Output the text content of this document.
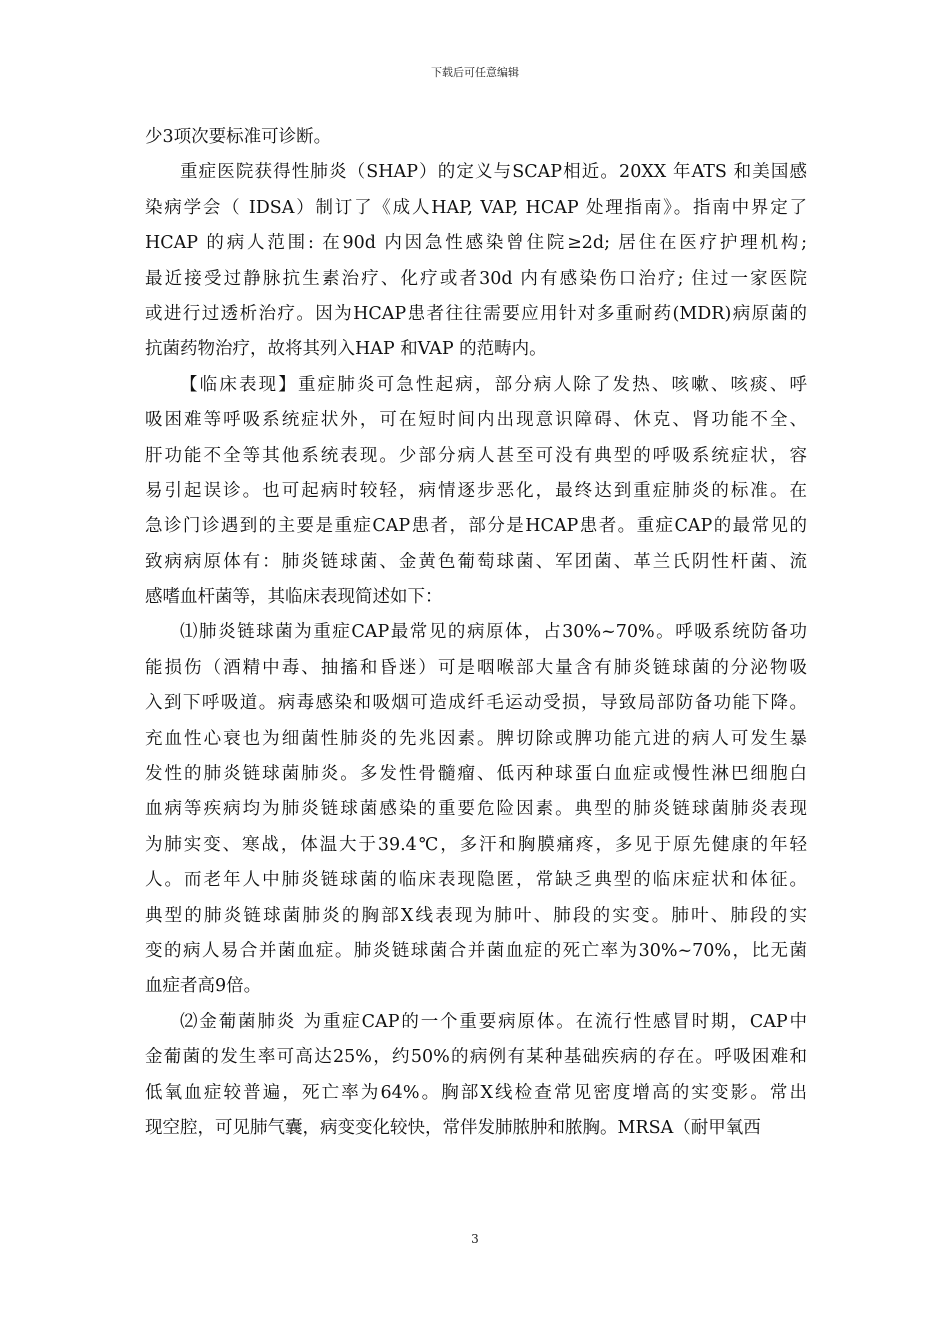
下载后可任意编辑
少3项次要标准可诊断。
重症医院获得性肺炎（SHAP）的定义与SCAP相近。20XX 年ATS 和美国感
染病学会（ IDSA）制订了《成人HAP, VAP, HCAP 处理指南》。指南中界定了
HCAP 的病人范围: 在90d 内因急性感染曾住院≥2d; 居住在医疗护理机构;
最近接受过静脉抗生素治疗、化疗或者30d 内有感染伤口治疗; 住过一家医院
或进行过透析治疗。因为HCAP患者往往需要应用针对多重耐药(MDR)病原菌的
抗菌药物治疗，故将其列入HAP 和VAP 的范畴内。
【临床表现】重症肺炎可急性起病，部分病人除了发热、咳嗽、咳痰、呼
吸困难等呼吸系统症状外，可在短时间内出现意识障碍、休克、肾功能不全、
肝功能不全等其他系统表现。少部分病人甚至可没有典型的呼吸系统症状，容
易引起误诊。也可起病时较轻，病情逐步恶化，最终达到重症肺炎的标准。在
急诊门诊遇到的主要是重症CAP患者，部分是HCAP患者。重症CAP的最常见的
致病病原体有：肺炎链球菌、金黄色葡萄球菌、军团菌、革兰氏阴性杆菌、流
感嗜血杆菌等，其临床表现简述如下：
⑴肺炎链球菌为重症CAP最常见的病原体，占30%~70%。呼吸系统防备功
能损伤（酒精中毒、抽搐和昏迷）可是咽喉部大量含有肺炎链球菌的分泌物吸
入到下呼吸道。病毒感染和吸烟可造成纤毛运动受损，导致局部防备功能下降。
充血性心衰也为细菌性肺炎的先兆因素。脾切除或脾功能亢进的病人可发生暴
发性的肺炎链球菌肺炎。多发性骨髓瘤、低丙种球蛋白血症或慢性淋巴细胞白
血病等疾病均为肺炎链球菌感染的重要危险因素。典型的肺炎链球菌肺炎表现
为肺实变、寒战，体温大于39.4℃，多汗和胸膜痛疼，多见于原先健康的年轻
人。而老年人中肺炎链球菌的临床表现隐匿，常缺乏典型的临床症状和体征。
典型的肺炎链球菌肺炎的胸部X线表现为肺叶、肺段的实变。肺叶、肺段的实
变的病人易合并菌血症。肺炎链球菌合并菌血症的死亡率为30%~70%，比无菌
血症者高9倍。
⑵金葡菌肺炎 为重症CAP的一个重要病原体。在流行性感冒时期，CAP中
金葡菌的发生率可高达25%，约50%的病例有某种基础疾病的存在。呼吸困难和
低氧血症较普遍，死亡率为64%。胸部X线检查常见密度增高的实变影。常出
现空腔，可见肺气囊，病变变化较快，常伴发肺脓肿和脓胸。MRSA（耐甲氧西
3
